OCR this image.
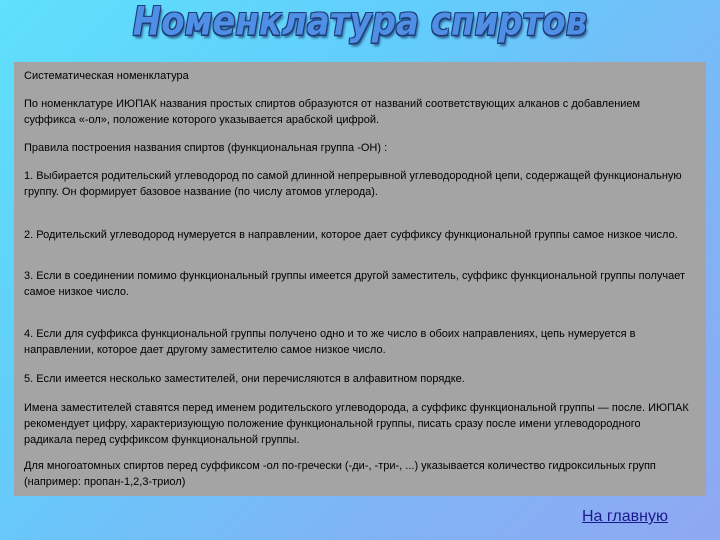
Номенклатура спиртов

Систематическая номенклатура

По номенклатуре ИЮПАК названия простых спиртов образуются от названий соответствующих алканов с добавлением суффикса «-ол», положение которого указывается арабской цифрой.

Правила построения названия спиртов (функциональная группа -OH) :

1. Выбирается родительский углеводород по самой длинной непрерывной углеводородной цепи, содержащей функциональную группу. Он формирует базовое название (по числу атомов углерода).

2. Родительский углеводород нумеруется в направлении, которое дает суффиксу функциональной группы самое низкое число.

3. Если в соединении помимо функциональный группы имеется другой заместитель, суффикс функциональной группы получает самое низкое число.

4. Если для суффикса функциональной группы получено одно и то же число в обоих направлениях, цепь нумеруется в направлении, которое дает другому заместителю самое низкое число.

5. Если имеется несколько заместителей, они перечисляются в алфавитном порядке.

Имена заместителей ставятся перед именем родительского углеводорода, а суффикс функциональной группы — после. ИЮПАК рекомендует цифру, характеризующую положение функциональной группы, писать сразу после имени углеводородного радикала перед суффиксом функциональной группы.

Для многоатомных спиртов перед суффиксом -ол по-гречески (-ди-, -три-, ...) указывается количество гидроксильных групп (например: пропан-1,2,3-триол)

На главную
